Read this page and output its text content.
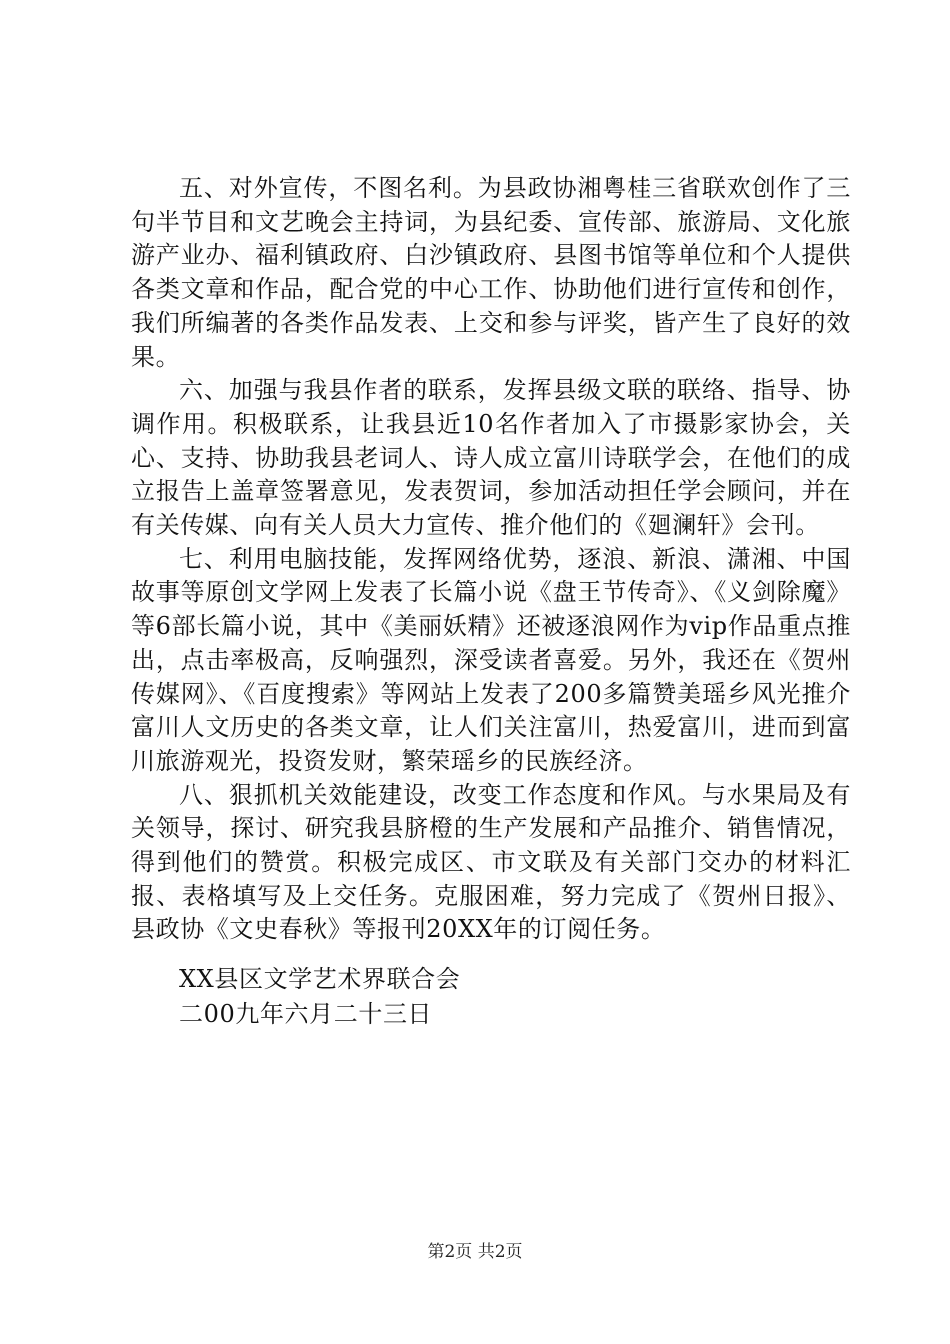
五、对外宣传，不图名利。为县政协湘粤桂三省联欢创作了三句半节目和文艺晚会主持词，为县纪委、宣传部、旅游局、文化旅游产业办、福利镇政府、白沙镇政府、县图书馆等单位和个人提供各类文章和作品，配合党的中心工作、协助他们进行宣传和创作，我们所编著的各类作品发表、上交和参与评奖，皆产生了良好的效果。

六、加强与我县作者的联系，发挥县级文联的联络、指导、协调作用。积极联系，让我县近10名作者加入了市摄影家协会，关心、支持、协助我县老词人、诗人成立富川诗联学会，在他们的成立报告上盖章签署意见，发表贺词，参加活动担任学会顾问，并在有关传媒、向有关人员大力宣传、推介他们的《廻澜轩》会刊。

七、利用电脑技能，发挥网络优势，逐浪、新浪、潇湘、中国故事等原创文学网上发表了长篇小说《盘王节传奇》、《义剑除魔》等6部长篇小说，其中《美丽妖精》还被逐浪网作为vip作品重点推出，点击率极高，反响强烈，深受读者喜爱。另外，我还在《贺州传媒网》、《百度搜索》等网站上发表了200多篇赞美瑶乡风光推介富川人文历史的各类文章，让人们关注富川，热爱富川，进而到富川旅游观光，投资发财，繁荣瑶乡的民族经济。

八、狠抓机关效能建设，改变工作态度和作风。与水果局及有关领导，探讨、研究我县脐橙的生产发展和产品推介、销售情况，得到他们的赞赏。积极完成区、市文联及有关部门交办的材料汇报、表格填写及上交任务。克服困难，努力完成了《贺州日报》、县政协《文史春秋》等报刊20XX年的订阅任务。

XX县区文学艺术界联合会
二00九年六月二十三日
第2页 共2页
